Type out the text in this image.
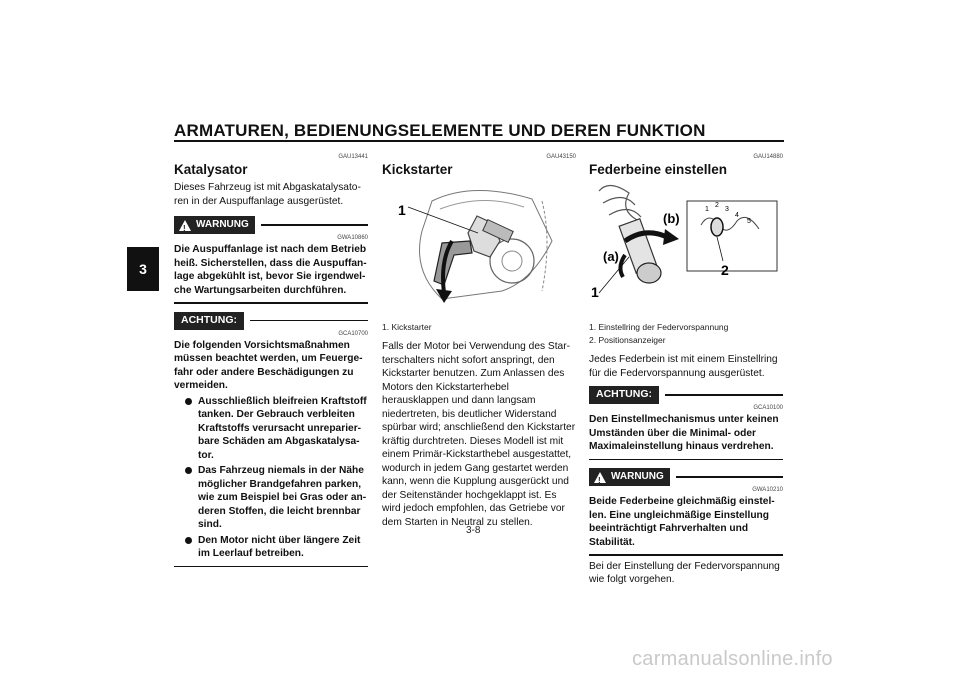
ARMATUREN, BEDIENUNGSELEMENTE UND DEREN FUNKTION
3
GAU13441
Katalysator

Dieses Fahrzeug ist mit Abgaskatalysatoren in der Auspuffanlage ausgerüstet.

! WARNUNG
GWA10860

Die Auspuffanlage ist nach dem Betrieb heiß. Sicherstellen, dass die Auspuffanlage abgekühlt ist, bevor Sie irgendwelche Wartungsarbeiten durchführen.

ACHTUNG:
GCA10700

Die folgenden Vorsichtsmaßnahmen müssen beachtet werden, um Feuergefahr oder andere Beschädigungen zu vermeiden.

Ausschließlich bleifreien Kraftstoff tanken. Der Gebrauch verbleiten Kraftstoffs verursacht unreparierbare Schäden am Abgaskatalysator.
Das Fahrzeug niemals in der Nähe möglicher Brandgefahren parken, wie zum Beispiel bei Gras oder anderen Stoffen, die leicht brennbar sind.
Den Motor nicht über längere Zeit im Leerlauf betreiben.
GAU43150
Kickstarter
1
1. Kickstarter

Falls der Motor bei Verwendung des Starterschalters nicht sofort anspringt, den Kickstarter benutzen. Zum Anlassen des Motors den Kickstarterhebel herausklappen und dann langsam niedertreten, bis deutlicher Widerstand spürbar wird; anschließend den Kickstarter kräftig durchtreten. Dieses Modell ist mit einem Primär-Kickstarthebel ausgestattet, wodurch in jedem Gang gestartet werden kann, wenn die Kupplung ausgerückt und der Seitenständer hochgeklappt ist. Es wird jedoch empfohlen, das Getriebe vor dem Starten in Neutral zu stellen.

GAU14880
Federbeine einstellen
1
2
3
4
5
(b)
(a)
2
1
1. Einstellring der Federvorspannung
2. Positionsanzeiger

Jedes Federbein ist mit einem Einstellring für die Federvorspannung ausgerüstet.

ACHTUNG:
GCA10100

Den Einstellmechanismus unter keinen Umständen über die Minimal- oder Maximaleinstellung hinaus verdrehen.

! WARNUNG
GWA10210

Beide Federbeine gleichmäßig einstellen. Eine ungleichmäßige Einstellung beeinträchtigt Fahrverhalten und Stabilität.

Bei der Einstellung der Federvorspannung wie folgt vorgehen.

3-8
carmanualsonline.info
